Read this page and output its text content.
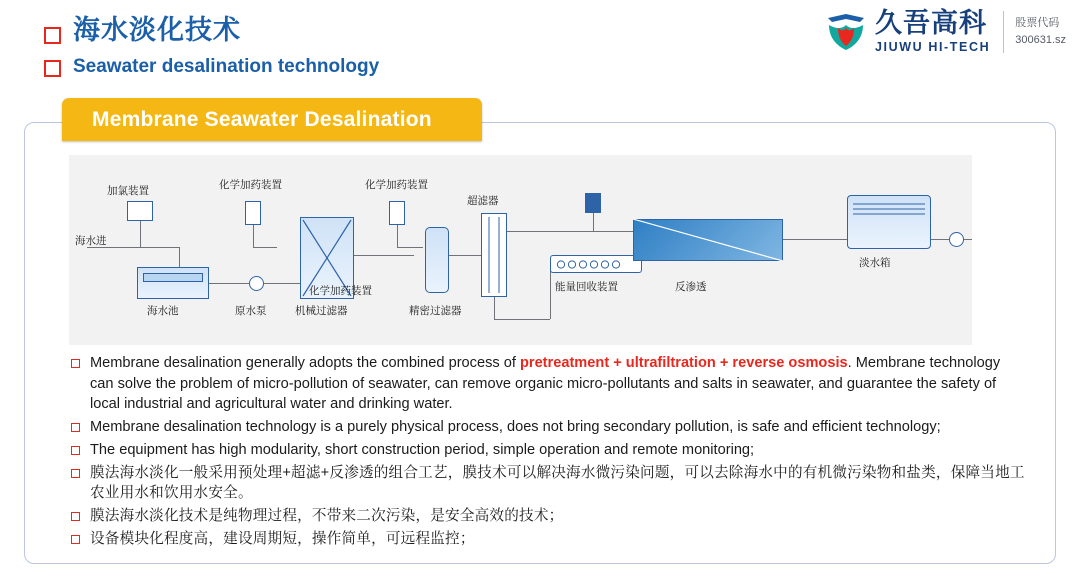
海水淡化技术
Seawater desalination technology
久吾高科
JIUWU HI-TECH
股票代码
300631.sz
Membrane Seawater Desalination
加氯装置
海水进
海水池	原水泵
化学加药装置
机械过滤器
化学加药装置
化学加药装置
精密过滤器
超滤器
能量回收装置	反渗透
淡水箱
Membrane desalination generally adopts the combined process of pretreatment + ultrafiltration + reverse osmosis. Membrane technology can solve the problem of micro-pollution of seawater, can remove organic micro-pollutants and salts in seawater, and guarantee the safety of local industrial and agricultural water and drinking water.
Membrane desalination technology is a purely physical process, does not bring secondary pollution, is safe and efficient technology;
The equipment has high modularity, short construction period, simple operation and remote monitoring;
膜法海水淡化一般采用预处理+超滤+反渗透的组合工艺，膜技术可以解决海水微污染问题，可以去除海水中的有机微污染物和盐类，保障当地工农业用水和饮用水安全。
膜法海水淡化技术是纯物理过程，不带来二次污染，是安全高效的技术；
设备模块化程度高，建设周期短，操作简单，可远程监控；
